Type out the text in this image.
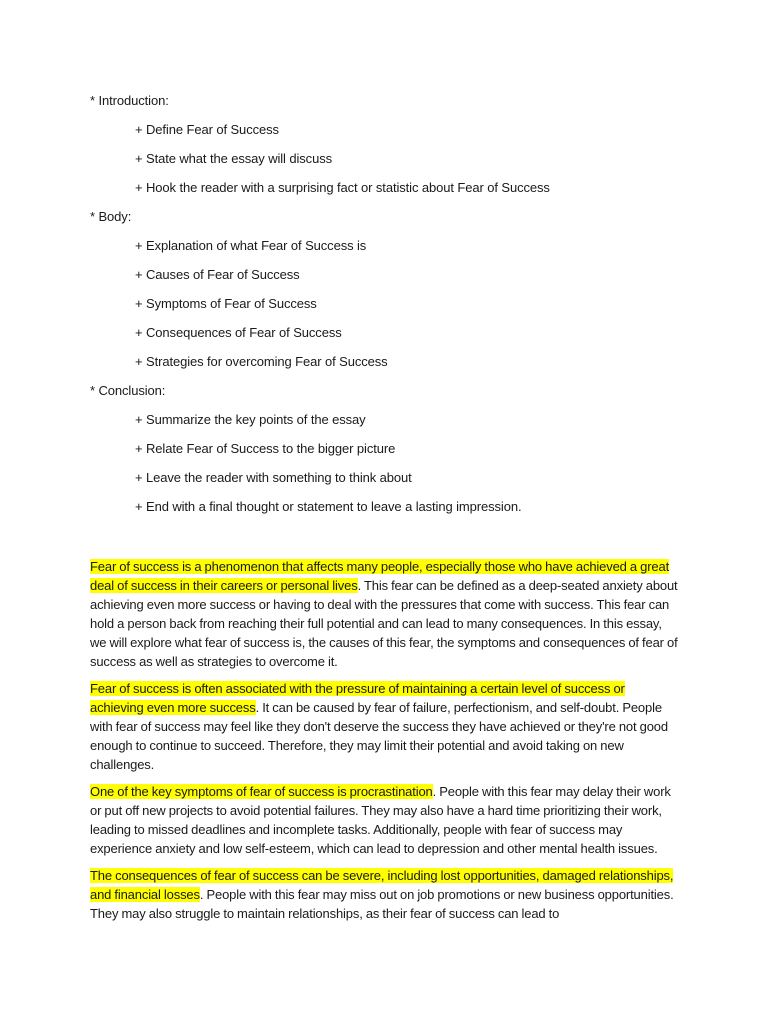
* Introduction:
+ Define Fear of Success
+ State what the essay will discuss
+ Hook the reader with a surprising fact or statistic about Fear of Success
* Body:
+ Explanation of what Fear of Success is
+ Causes of Fear of Success
+ Symptoms of Fear of Success
+ Consequences of Fear of Success
+ Strategies for overcoming Fear of Success
* Conclusion:
+ Summarize the key points of the essay
+ Relate Fear of Success to the bigger picture
+ Leave the reader with something to think about
+ End with a final thought or statement to leave a lasting impression.

Fear of success is a phenomenon that affects many people, especially those who have achieved a great deal of success in their careers or personal lives. This fear can be defined as a deep-seated anxiety about achieving even more success or having to deal with the pressures that come with success. This fear can hold a person back from reaching their full potential and can lead to many consequences. In this essay, we will explore what fear of success is, the causes of this fear, the symptoms and consequences of fear of success as well as strategies to overcome it.

Fear of success is often associated with the pressure of maintaining a certain level of success or achieving even more success. It can be caused by fear of failure, perfectionism, and self-doubt. People with fear of success may feel like they don't deserve the success they have achieved or they're not good enough to continue to succeed. Therefore, they may limit their potential and avoid taking on new challenges.

One of the key symptoms of fear of success is procrastination. People with this fear may delay their work or put off new projects to avoid potential failures. They may also have a hard time prioritizing their work, leading to missed deadlines and incomplete tasks. Additionally, people with fear of success may experience anxiety and low self-esteem, which can lead to depression and other mental health issues.

The consequences of fear of success can be severe, including lost opportunities, damaged relationships, and financial losses. People with this fear may miss out on job promotions or new business opportunities. They may also struggle to maintain relationships, as their fear of success can lead to
